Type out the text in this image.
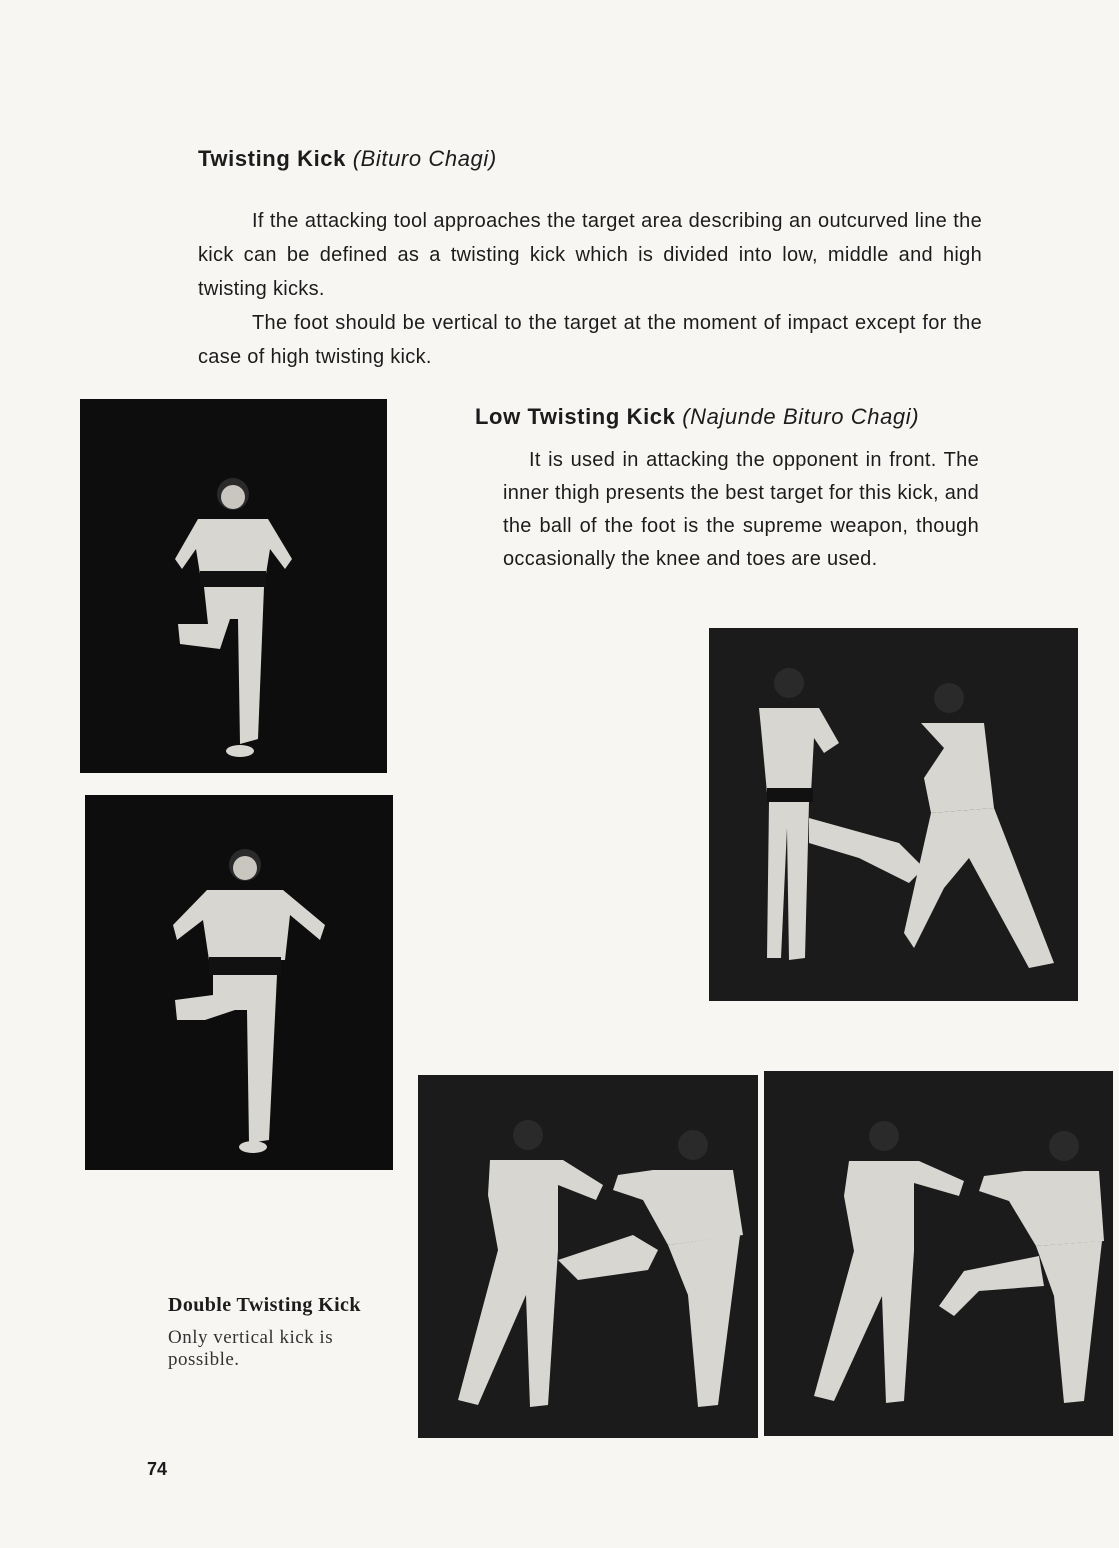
Twisting Kick (Bituro Chagi)

If the attacking tool approaches the target area describing an outcurved line the kick can be defined as a twisting kick which is divided into low, middle and high twisting kicks.

The foot should be vertical to the target at the moment of impact except for the case of high twisting kick.

Low Twisting Kick (Najunde Bituro Chagi)

It is used in attacking the opponent in front. The inner thigh presents the best target for this kick, and the ball of the foot is the supreme weapon, though occasionally the knee and toes are used.

Double Twisting Kick

Only vertical kick is possible.

74
